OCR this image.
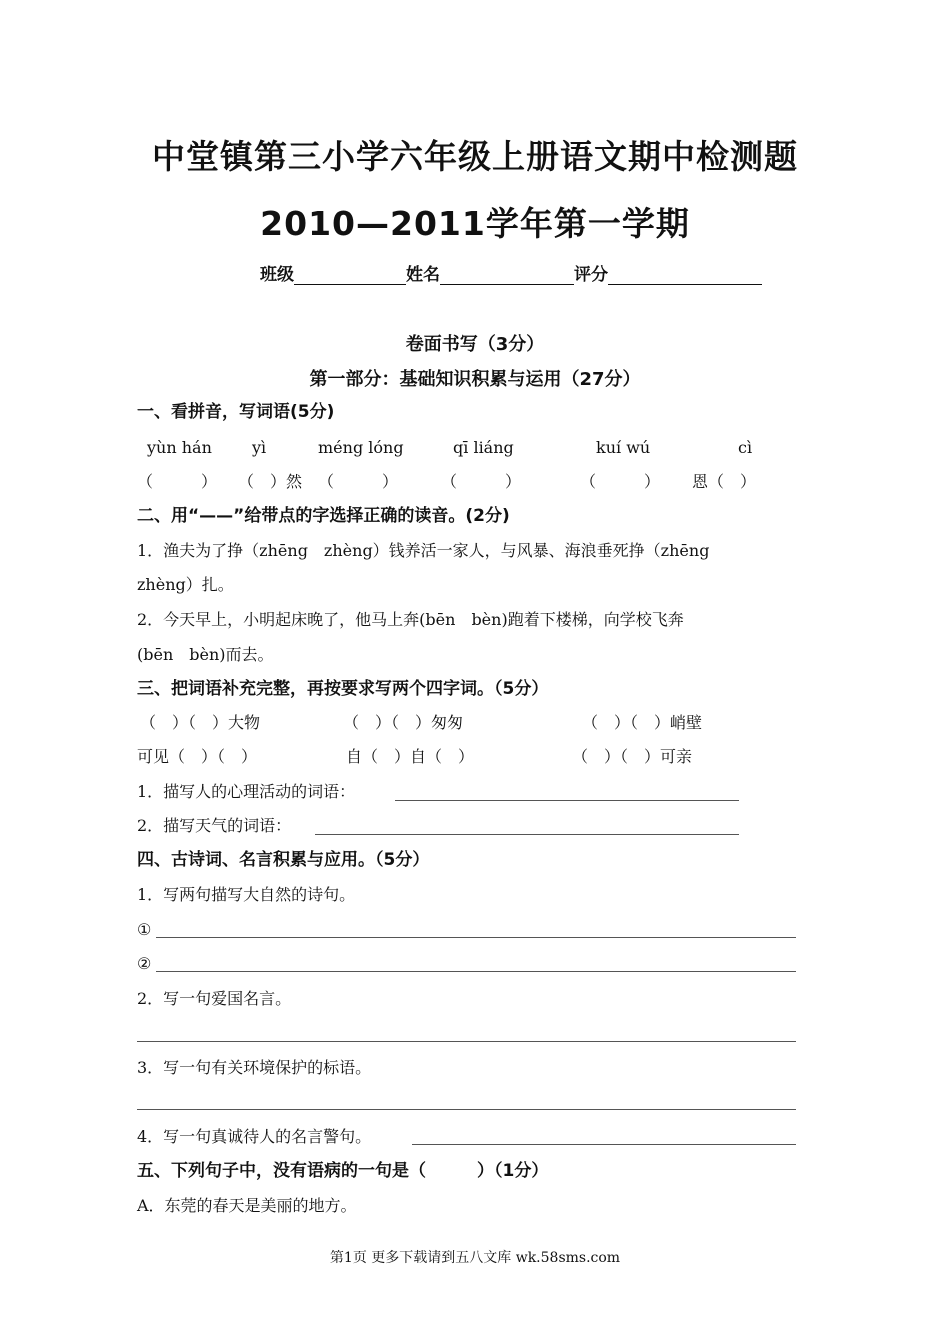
中堂镇第三小学六年级上册语文期中检测题
2010—2011学年第一学期
班级	姓名	评分
卷面书写（3分）
第一部分：基础知识积累与运用（27分）
一、看拼音，写词语(5分)
yùn hán	yì	méng lóng	qī liáng	kuí wú	cì
（　　　） （　）然 （　　　）	（　　　）	（　　　） 恩（　）
二、用“——”给带点的字选择正确的读音。(2分)
1．渔夫为了挣（zhēng　zhèng）钱养活一家人，与风暴、海浪垂死挣（zhēng
zhèng）扎。
2．今天早上，小明起床晚了，他马上奔(bēn　bèn)跑着下楼梯，向学校飞奔
(bēn　bèn)而去。
三、把词语补充完整，再按要求写两个四字词。（5分）
（　）（　）大物	（　）（　）匆匆	（　）（　）峭壁
可见（　）（　）	自（　）自（　）	（　）（　）可亲
1．描写人的心理活动的词语：
2．描写天气的词语：
四、古诗词、名言积累与应用。（5分）
1．写两句描写大自然的诗句。
①
②
2．写一句爱国名言。
3．写一句有关环境保护的标语。
4．写一句真诚待人的名言警句。
五、下列句子中，没有语病的一句是（　　　）（1分）
A．东莞的春天是美丽的地方。
第1页 更多下载请到五八文库 wk.58sms.com
